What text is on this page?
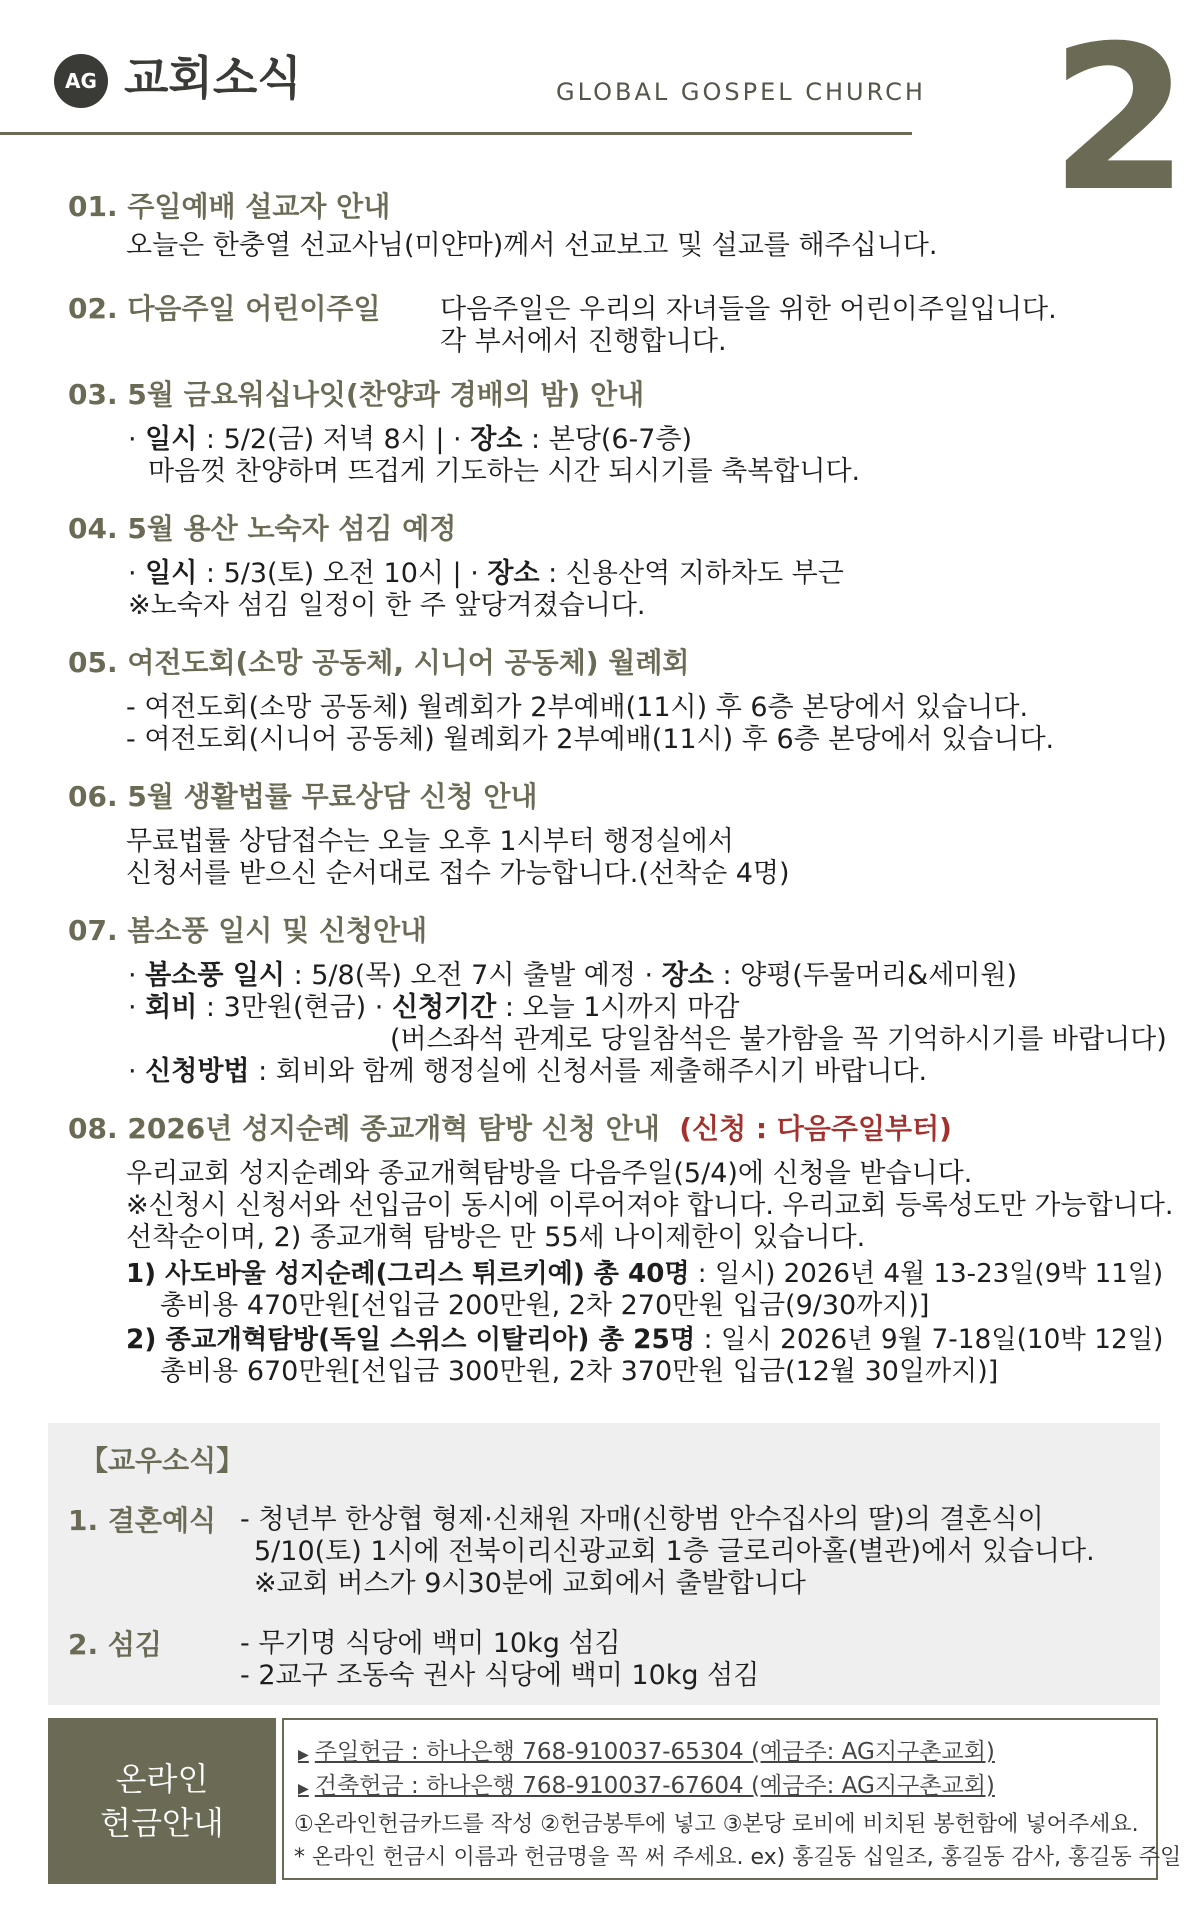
AG 교회소식	GLOBAL GOSPEL CHURCH 2
01. 주일예배 설교자 안내
오늘은 한충열 선교사님(미얀마)께서 선교보고 및 설교를 해주십니다.
02. 다음주일 어린이주일 다음주일은 우리의 자녀들을 위한 어린이주일입니다.
각 부서에서 진행합니다.
03. 5월 금요워십나잇(찬양과 경배의 밤) 안내
· 일시 : 5/2(금) 저녁 8시 | · 장소 : 본당(6-7층)
마음껏 찬양하며 뜨겁게 기도하는 시간 되시기를 축복합니다.
04. 5월 용산 노숙자 섬김 예정
· 일시 : 5/3(토) 오전 10시 | · 장소 : 신용산역 지하차도 부근
※노숙자 섬김 일정이 한 주 앞당겨졌습니다.
05. 여전도회(소망 공동체, 시니어 공동체) 월례회
- 여전도회(소망 공동체) 월례회가 2부예배(11시) 후 6층 본당에서 있습니다.
- 여전도회(시니어 공동체) 월례회가 2부예배(11시) 후 6층 본당에서 있습니다.
06. 5월 생활법률 무료상담 신청 안내
무료법률 상담접수는 오늘 오후 1시부터 행정실에서
신청서를 받으신 순서대로 접수 가능합니다.(선착순 4명)
07. 봄소풍 일시 및 신청안내
· 봄소풍 일시 : 5/8(목) 오전 7시 출발 예정 · 장소 : 양평(두물머리&세미원)
· 회비 : 3만원(현금) · 신청기간 : 오늘 1시까지 마감
(버스좌석 관계로 당일참석은 불가함을 꼭 기억하시기를 바랍니다)
· 신청방법 : 회비와 함께 행정실에 신청서를 제출해주시기 바랍니다.
08. 2026년 성지순례 종교개혁 탐방 신청 안내 (신청 : 다음주일부터)
우리교회 성지순례와 종교개혁탐방을 다음주일(5/4)에 신청을 받습니다.
※신청시 신청서와 선입금이 동시에 이루어져야 합니다. 우리교회 등록성도만 가능합니다.
선착순이며, 2) 종교개혁 탐방은 만 55세 나이제한이 있습니다.
1) 사도바울 성지순례(그리스 튀르키예) 총 40명 : 일시) 2026년 4월 13-23일(9박 11일)
총비용 470만원[선입금 200만원, 2차 270만원 입금(9/30까지)]
2) 종교개혁탐방(독일 스위스 이탈리아) 총 25명 : 일시 2026년 9월 7-18일(10박 12일)
총비용 670만원[선입금 300만원, 2차 370만원 입금(12월 30일까지)]
【교우소식】
1. 결혼예식 - 청년부 한상협 형제·신채원 자매(신항범 안수집사의 딸)의 결혼식이
5/10(토) 1시에 전북이리신광교회 1층 글로리아홀(별관)에서 있습니다.
※교회 버스가 9시30분에 교회에서 출발합니다
2. 섬김	- 무기명 식당에 백미 10kg 섬김
- 2교구 조동숙 권사 식당에 백미 10kg 섬김
온라인
헌금안내
▶ 주일헌금 : 하나은행 768-910037-65304 (예금주: AG지구촌교회)
▶ 건축헌금 : 하나은행 768-910037-67604 (예금주: AG지구촌교회)
①온라인헌금카드를 작성 ②헌금봉투에 넣고 ③본당 로비에 비치된 봉헌함에 넣어주세요.
* 온라인 헌금시 이름과 헌금명을 꼭 써 주세요. ex) 홍길동 십일조, 홍길동 감사, 홍길동 주일
